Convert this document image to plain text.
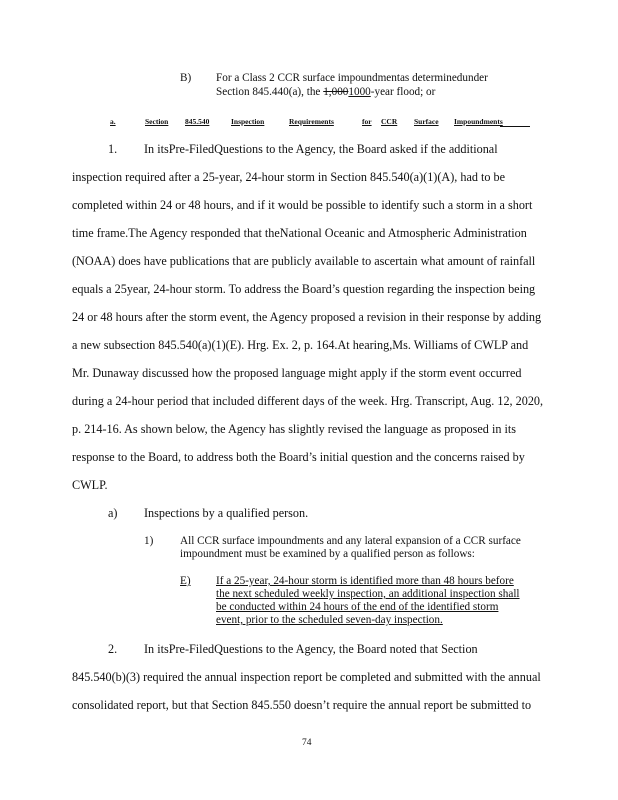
B) For a Class 2 CCR surface impoundmentas determinedunder
Section 845.440(a), the 1,0001000-year flood; or
a.	Section 845.540	Inspection	Requirements	for CCR Surface Impoundments
1. In itsPre-FiledQuestions to the Agency, the Board asked if the additional
inspection required after a 25-year, 24-hour storm in Section 845.540(a)(1)(A), had to be
completed within 24 or 48 hours, and if it would be possible to identify such a storm in a short
time frame.The Agency responded that theNational Oceanic and Atmospheric Administration
(NOAA) does have publications that are publicly available to ascertain what amount of rainfall
equals a 25year, 24-hour storm. To address the Board’s question regarding the inspection being
24 or 48 hours after the storm event, the Agency proposed a revision in their response by adding
a new subsection 845.540(a)(1)(E). Hrg. Ex. 2, p. 164.At hearing,Ms. Williams of CWLP and
Mr. Dunaway discussed how the proposed language might apply if the storm event occurred
during a 24-hour period that included different days of the week. Hrg. Transcript, Aug. 12, 2020,
p. 214-16. As shown below, the Agency has slightly revised the language as proposed in its
response to the Board, to address both the Board’s initial question and the concerns raised by
CWLP.
a) Inspections by a qualified person.
1) All CCR surface impoundments and any lateral expansion of a CCR surface
impoundment must be examined by a qualified person as follows:
E) If a 25-year, 24-hour storm is identified more than 48 hours before
the next scheduled weekly inspection, an additional inspection shall
be conducted within 24 hours of the end of the identified storm
event, prior to the scheduled seven-day inspection.
2. In itsPre-FiledQuestions to the Agency, the Board noted that Section
845.540(b)(3) required the annual inspection report be completed and submitted with the annual
consolidated report, but that Section 845.550 doesn’t require the annual report be submitted to
74
